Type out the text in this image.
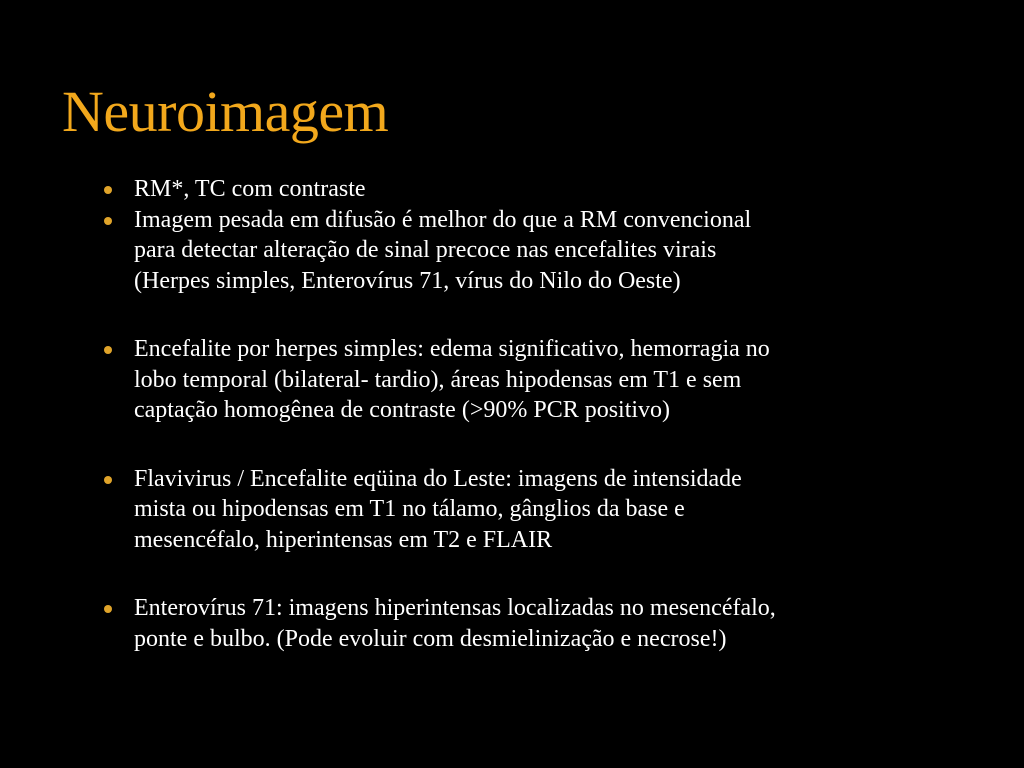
Neuroimagem
RM*, TC com contraste
Imagem pesada em difusão é melhor do que a RM convencional
para detectar alteração de sinal precoce nas encefalites virais
(Herpes simples, Enterovírus 71, vírus do Nilo do Oeste)
Encefalite por herpes simples: edema significativo, hemorragia no
lobo temporal (bilateral- tardio), áreas hipodensas em T1 e sem
captação homogênea de contraste (>90% PCR positivo)
Flavivirus / Encefalite eqüina do Leste: imagens de intensidade
mista ou hipodensas em T1 no tálamo, gânglios da base e
mesencéfalo, hiperintensas em T2 e FLAIR
Enterovírus 71: imagens hiperintensas localizadas no mesencéfalo,
ponte e bulbo. (Pode evoluir com desmielinização e necrose!)
